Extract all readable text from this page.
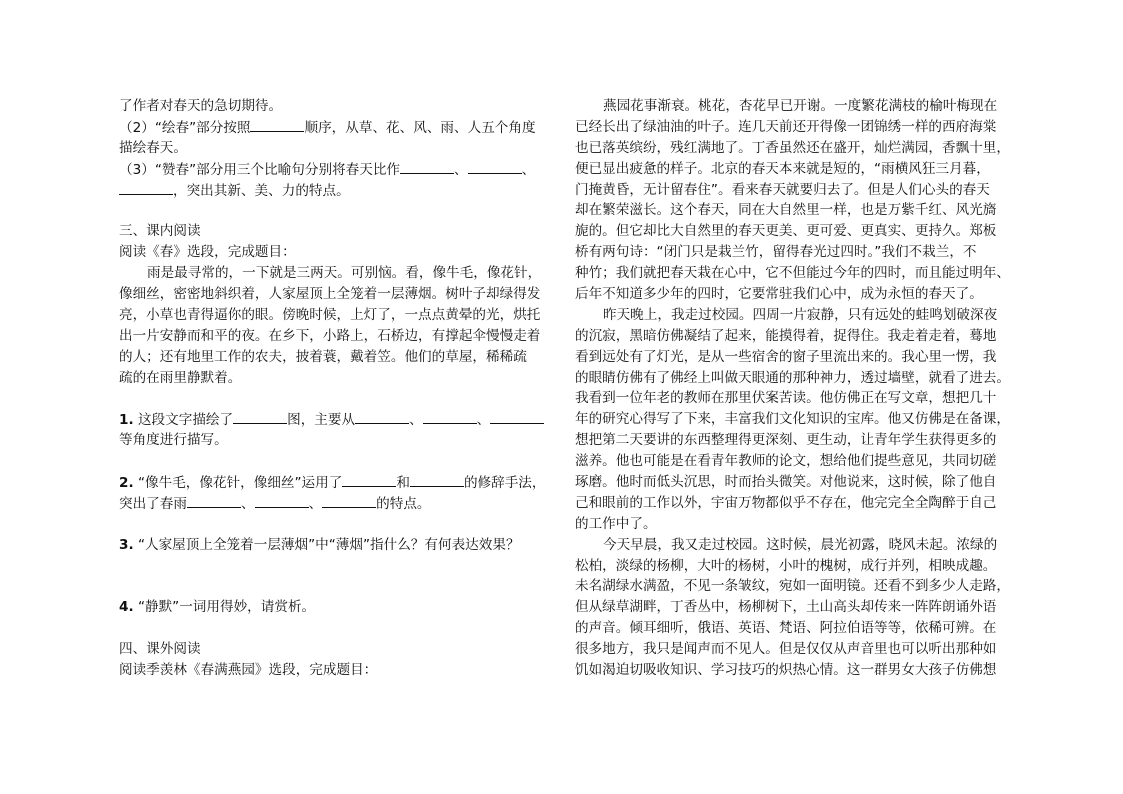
了作者对春天的急切期待。
（2）“绘春”部分按照	顺序，从草、花、风、雨、人五个角度
描绘春天。
（3）“赞春”部分用三个比喻句分别将春天比作	、	、
，突出其新、美、力的特点。
三、课内阅读
阅读《春》选段，完成题目：
雨是最寻常的，一下就是三两天。可别恼。看，像牛毛，像花针，
像细丝，密密地斜织着，人家屋顶上全笼着一层薄烟。树叶子却绿得发
亮，小草也青得逼你的眼。傍晚时候，上灯了，一点点黄晕的光，烘托
出一片安静而和平的夜。在乡下，小路上，石桥边，有撑起伞慢慢走着
的人；还有地里工作的农夫，披着蓑，戴着笠。他们的草屋，稀稀疏
疏的在雨里静默着。
1. 这段文字描绘了	图，主要从	、	、
等角度进行描写。
2. “像牛毛，像花针，像细丝”运用了	和	的修辞手法，
突出了春雨	、	、	的特点。
3. “人家屋顶上全笼着一层薄烟”中“薄烟”指什么？有何表达效果？
4. “静默”一词用得妙，请赏析。
四、课外阅读
阅读季羡林《春满燕园》选段，完成题目：
燕园花事渐衰。桃花，杏花早已开谢。一度繁花满枝的榆叶梅现在
已经长出了绿油油的叶子。连几天前还开得像一团锦绣一样的西府海棠
也已落英缤纷，残红满地了。丁香虽然还在盛开，灿烂满园，香飘十里，
便已显出疲惫的样子。北京的春天本来就是短的，“雨横风狂三月暮，
门掩黄昏，无计留春住”。看来春天就要归去了。但是人们心头的春天
却在繁荣滋长。这个春天，同在大自然里一样，也是万紫千红、风光旖
旎的。但它却比大自然里的春天更美、更可爱、更真实、更持久。郑板
桥有两句诗：“闭门只是栽兰竹，留得春光过四时。”我们不栽兰，不
种竹；我们就把春天栽在心中，它不但能过今年的四时，而且能过明年、
后年不知道多少年的四时，它要常驻我们心中，成为永恒的春天了。
昨天晚上，我走过校园。四周一片寂静，只有远处的蛙鸣划破深夜
的沉寂，黑暗仿佛凝结了起来，能摸得着，捉得住。我走着走着，蓦地
看到远处有了灯光，是从一些宿舍的窗子里流出来的。我心里一愣，我
的眼睛仿佛有了佛经上叫做天眼通的那种神力，透过墙壁，就看了进去。
我看到一位年老的教师在那里伏案苦读。他仿佛正在写文章，想把几十
年的研究心得写了下来，丰富我们文化知识的宝库。他又仿佛是在备课，
想把第二天要讲的东西整理得更深刻、更生动，让青年学生获得更多的
滋养。他也可能是在看青年教师的论文，想给他们提些意见，共同切磋
琢磨。他时而低头沉思，时而抬头微笑。对他说来，这时候，除了他自
己和眼前的工作以外，宇宙万物都似乎不存在，他完完全全陶醉于自己
的工作中了。
今天早晨，我又走过校园。这时候，晨光初露，晓风未起。浓绿的
松柏，淡绿的杨柳，大叶的杨树，小叶的槐树，成行并列，相映成趣。
未名湖绿水满盈，不见一条皱纹，宛如一面明镜。还看不到多少人走路，
但从绿草湖畔，丁香丛中，杨柳树下，土山高头却传来一阵阵朗诵外语
的声音。倾耳细听，俄语、英语、梵语、阿拉伯语等等，依稀可辨。在
很多地方，我只是闻声而不见人。但是仅仅从声音里也可以听出那种如
饥如渴迫切吸收知识、学习技巧的炽热心情。这一群男女大孩子仿佛想
